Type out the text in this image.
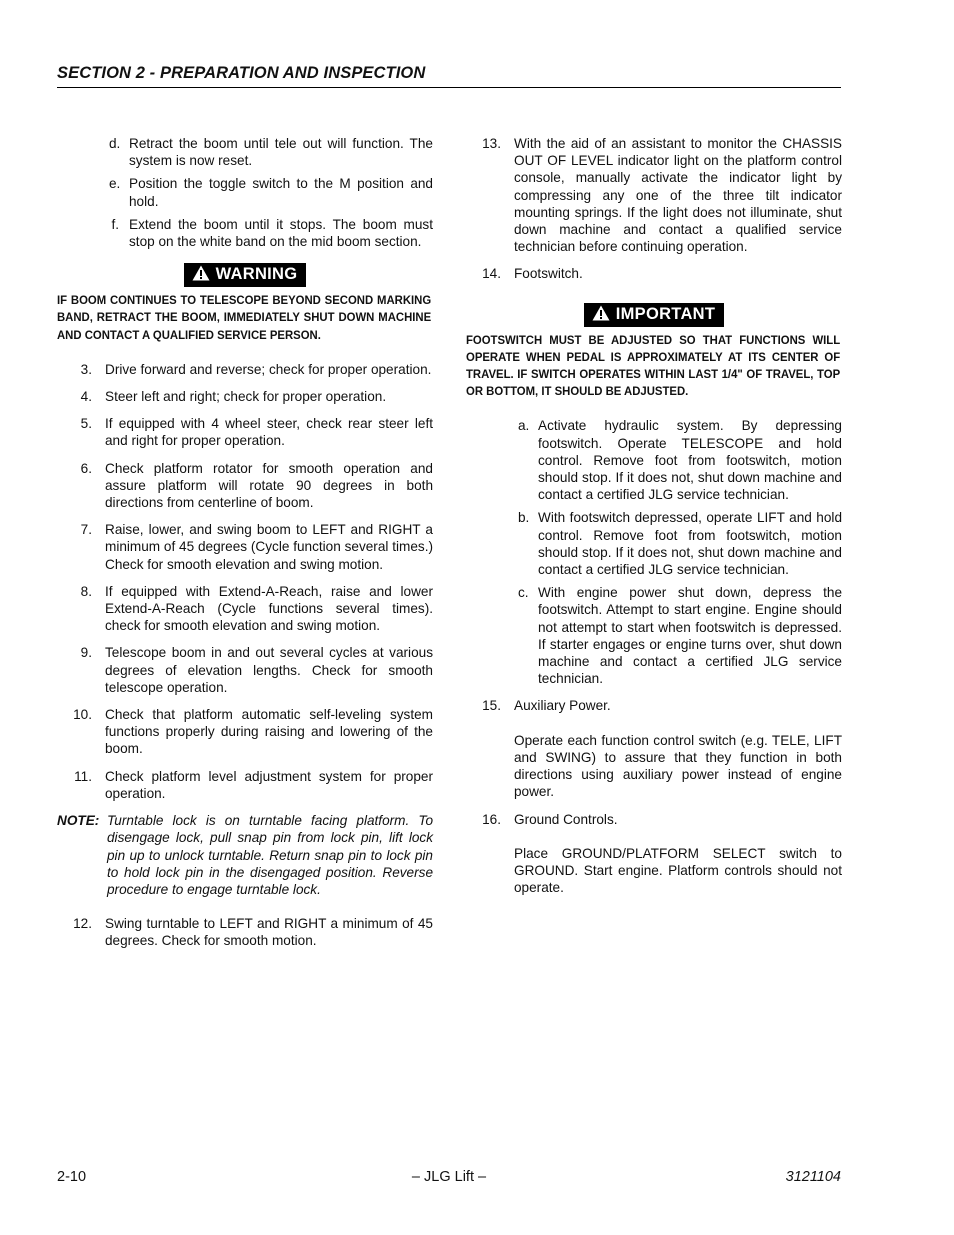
SECTION 2 - PREPARATION AND INSPECTION
d. Retract the boom until tele out will function. The system is now reset.
e. Position the toggle switch to the M position and hold.
f. Extend the boom until it stops. The boom must stop on the white band on the mid boom section.
WARNING
IF BOOM CONTINUES TO TELESCOPE BEYOND SECOND MARKING BAND, RETRACT THE BOOM, IMMEDIATELY SHUT DOWN MACHINE AND CONTACT A QUALIFIED SERVICE PERSON.
3. Drive forward and reverse; check for proper operation.
4. Steer left and right; check for proper operation.
5. If equipped with 4 wheel steer, check rear steer left and right for proper operation.
6. Check platform rotator for smooth operation and assure platform will rotate 90 degrees in both directions from centerline of boom.
7. Raise, lower, and swing boom to LEFT and RIGHT a minimum of 45 degrees (Cycle function several times.) Check for smooth elevation and swing motion.
8. If equipped with Extend-A-Reach, raise and lower Extend-A-Reach (Cycle functions several times). check for smooth elevation and swing motion.
9. Telescope boom in and out several cycles at various degrees of elevation lengths. Check for smooth telescope operation.
10. Check that platform automatic self-leveling system functions properly during raising and lowering of the boom.
11. Check platform level adjustment system for proper operation.
NOTE: Turntable lock is on turntable facing platform. To disengage lock, pull snap pin from lock pin, lift lock pin up to unlock turntable. Return snap pin to lock pin to hold lock pin in the disengaged position. Reverse procedure to engage turntable lock.
12. Swing turntable to LEFT and RIGHT a minimum of 45 degrees. Check for smooth motion.
13. With the aid of an assistant to monitor the CHASSIS OUT OF LEVEL indicator light on the platform control console, manually activate the indicator light by compressing any one of the three tilt indicator mounting springs. If the light does not illuminate, shut down machine and contact a qualified service technician before continuing operation.
14. Footswitch.
IMPORTANT
FOOTSWITCH MUST BE ADJUSTED SO THAT FUNCTIONS WILL OPERATE WHEN PEDAL IS APPROXIMATELY AT ITS CENTER OF TRAVEL. IF SWITCH OPERATES WITHIN LAST 1/4" OF TRAVEL, TOP OR BOTTOM, IT SHOULD BE ADJUSTED.
a. Activate hydraulic system. By depressing footswitch. Operate TELESCOPE and hold control. Remove foot from footswitch, motion should stop. If it does not, shut down machine and contact a certified JLG service technician.
b. With footswitch depressed, operate LIFT and hold control. Remove foot from footswitch, motion should stop. If it does not, shut down machine and contact a certified JLG service technician.
c. With engine power shut down, depress the footswitch. Attempt to start engine. Engine should not attempt to start when footswitch is depressed. If starter engages or engine turns over, shut down machine and contact a certified JLG service technician.
15. Auxiliary Power.
Operate each function control switch (e.g. TELE, LIFT and SWING) to assure that they function in both directions using auxiliary power instead of engine power.
16. Ground Controls.
Place GROUND/PLATFORM SELECT switch to GROUND. Start engine. Platform controls should not operate.
2-10	– JLG Lift –	3121104
